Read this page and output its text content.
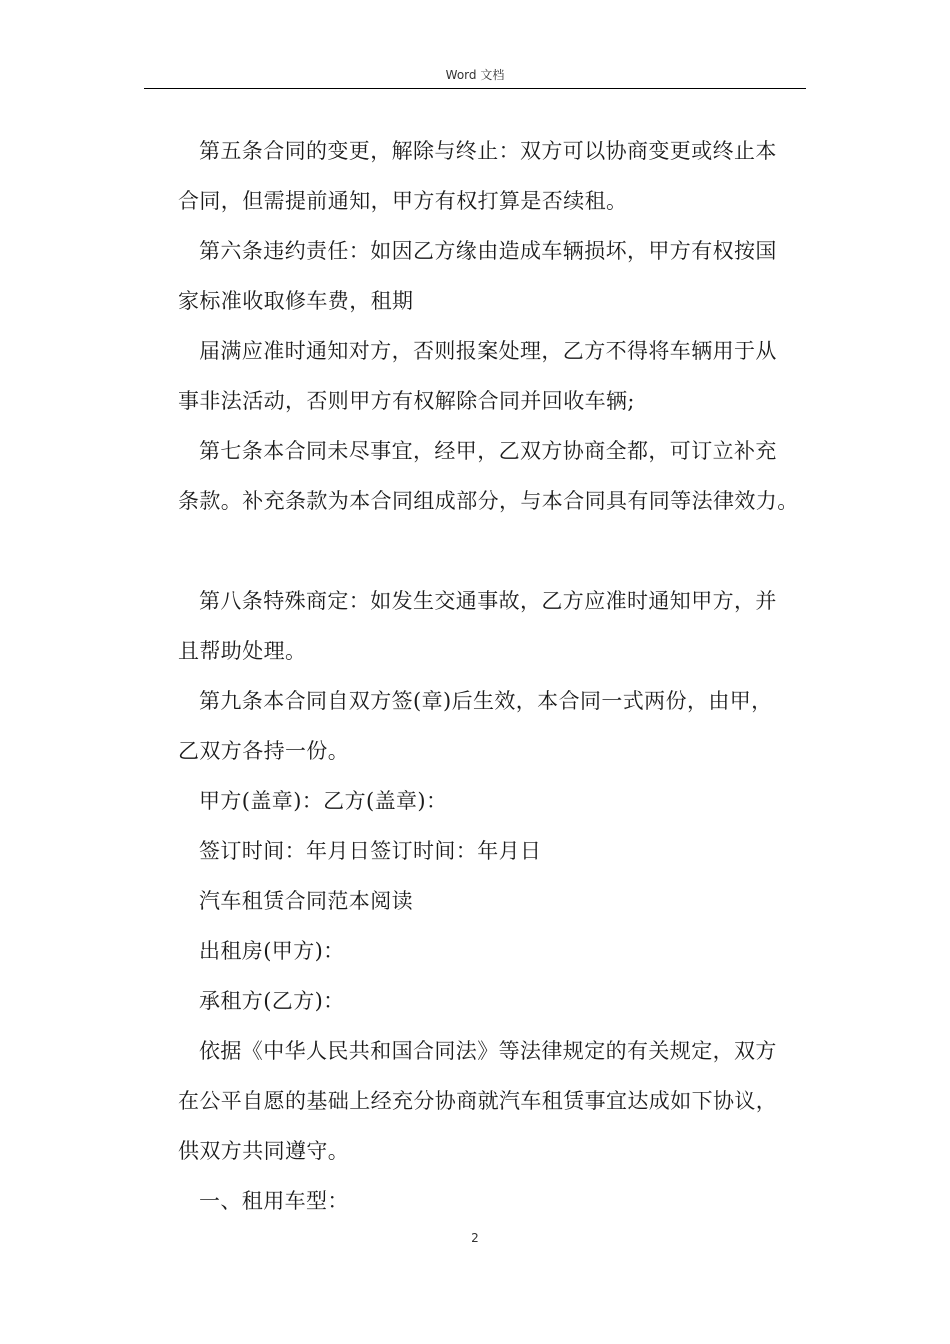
Word 文档
第五条合同的变更，解除与终止：双方可以协商变更或终止本
合同，但需提前通知，甲方有权打算是否续租。
第六条违约责任：如因乙方缘由造成车辆损坏，甲方有权按国
家标准收取修车费，租期
届满应准时通知对方，否则报案处理，乙方不得将车辆用于从
事非法活动，否则甲方有权解除合同并回收车辆;
第七条本合同未尽事宜，经甲，乙双方协商全都，可订立补充
条款。补充条款为本合同组成部分，与本合同具有同等法律效力。
第八条特殊商定：如发生交通事故，乙方应准时通知甲方，并
且帮助处理。
第九条本合同自双方签(章)后生效，本合同一式两份，由甲，
乙双方各持一份。
甲方(盖章)：乙方(盖章)：
签订时间：年月日签订时间：年月日
汽车租赁合同范本阅读
出租房(甲方)：
承租方(乙方)：
依据《中华人民共和国合同法》等法律规定的有关规定，双方
在公平自愿的基础上经充分协商就汽车租赁事宜达成如下协议，
供双方共同遵守。
一、租用车型：
2
